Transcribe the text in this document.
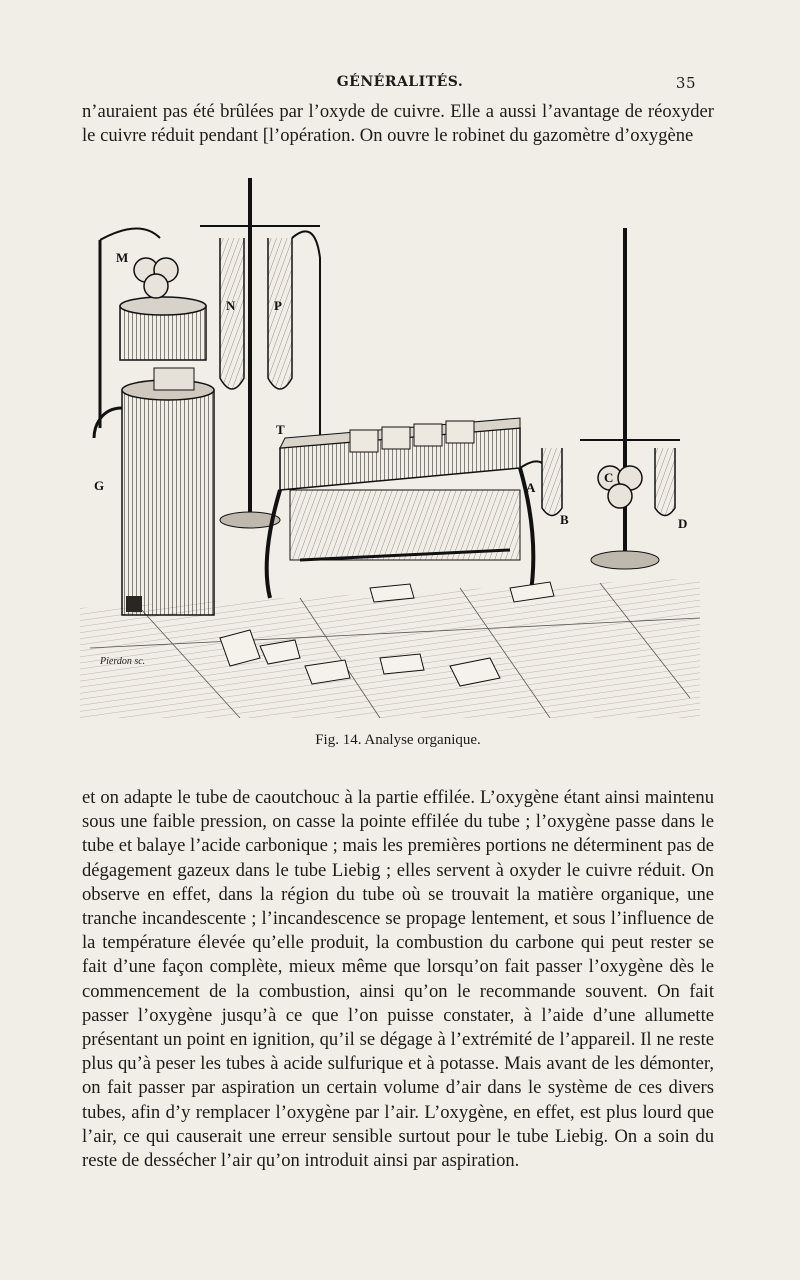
GÉNÉRALITÉS.	35

n’auraient pas été brûlées par l’oxyde de cuivre. Elle a aussi l’avantage de réoxyder le cuivre réduit pendant [l’opération. On ouvre le robinet du gazomètre d’oxygène

M
N	P
T
G	A
B
C
D
Pierdon sc.
Fig. 14. Analyse organique.

et on adapte le tube de caoutchouc à la partie effilée. L’oxygène étant ainsi maintenu sous une faible pression, on casse la pointe effilée du tube ; l’oxygène passe dans le tube et balaye l’acide carbonique ; mais les premières portions ne déterminent pas de dégagement gazeux dans le tube Liebig ; elles servent à oxyder le cuivre réduit. On observe en effet, dans la région du tube où se trouvait la matière organique, une tranche incandescente ; l’incandescence se propage lentement, et sous l’influence de la température élevée qu’elle produit, la combustion du carbone qui peut rester se fait d’une façon complète, mieux même que lorsqu’on fait passer l’oxygène dès le commencement de la combustion, ainsi qu’on le recommande souvent. On fait passer l’oxygène jusqu’à ce que l’on puisse constater, à l’aide d’une allumette présentant un point en ignition, qu’il se dégage à l’extrémité de l’appareil. Il ne reste plus qu’à peser les tubes à acide sulfurique et à potasse. Mais avant de les démonter, on fait passer par aspiration un certain volume d’air dans le système de ces divers tubes, afin d’y remplacer l’oxygène par l’air. L’oxygène, en effet, est plus lourd que l’air, ce qui causerait une erreur sensible surtout pour le tube Liebig. On a soin du reste de dessécher l’air qu’on introduit ainsi par aspiration.
